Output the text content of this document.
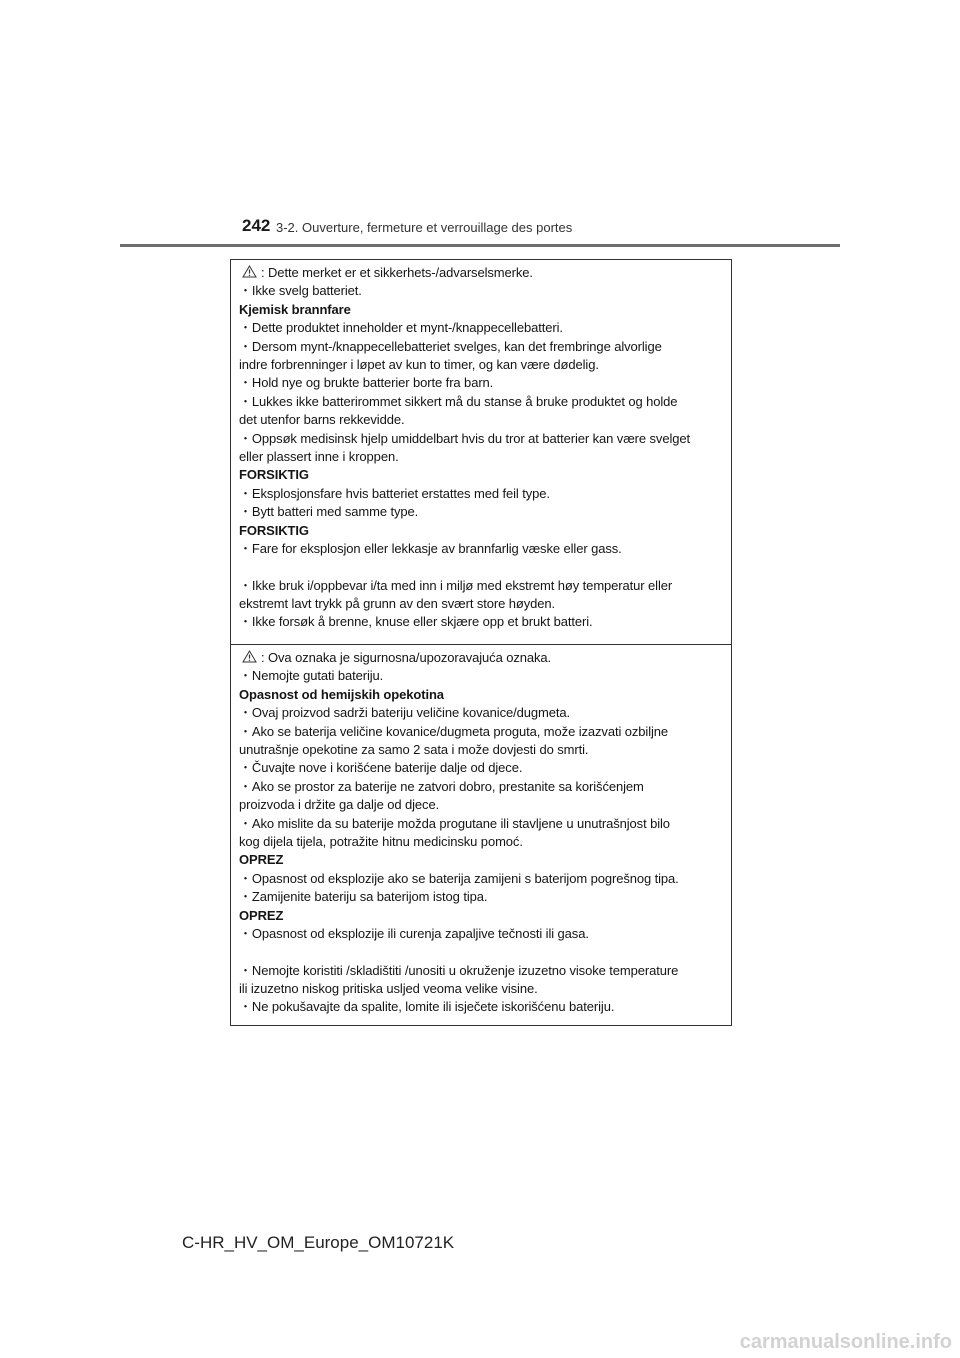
242 3-2. Ouverture, fermeture et verrouillage des portes
: Dette merket er et sikkerhets-/advarselsmerke.
・Ikke svelg batteriet.
Kjemisk brannfare
・Dette produktet inneholder et mynt-/knappecellebatteri.
・Dersom mynt-/knappecellebatteriet svelges, kan det frembringe alvorlige
indre forbrenninger i løpet av kun to timer, og kan være dødelig.
・Hold nye og brukte batterier borte fra barn.
・Lukkes ikke batterirommet sikkert må du stanse å bruke produktet og holde
det utenfor barns rekkevidde.
・Oppsøk medisinsk hjelp umiddelbart hvis du tror at batterier kan være svelget
eller plassert inne i kroppen.
FORSIKTIG
・Eksplosjonsfare hvis batteriet erstattes med feil type.
・Bytt batteri med samme type.
FORSIKTIG
・Fare for eksplosjon eller lekkasje av brannfarlig væske eller gass.
・Ikke bruk i/oppbevar i/ta med inn i miljø med ekstremt høy temperatur eller
ekstremt lavt trykk på grunn av den svært store høyden.
・Ikke forsøk å brenne, knuse eller skjære opp et brukt batteri.
: Ova oznaka je sigurnosna/upozoravajuća oznaka.
・Nemojte gutati bateriju.
Opasnost od hemijskih opekotina
・Ovaj proizvod sadrži bateriju veličine kovanice/dugmeta.
・Ako se baterija veličine kovanice/dugmeta proguta, može izazvati ozbiljne
unutrašnje opekotine za samo 2 sata i može dovjesti do smrti.
・Čuvajte nove i korišćene baterije dalje od djece.
・Ako se prostor za baterije ne zatvori dobro, prestanite sa korišćenjem
proizvoda i držite ga dalje od djece.
・Ako mislite da su baterije možda progutane ili stavljene u unutrašnjost bilo
kog dijela tijela, potražite hitnu medicinsku pomoć.
OPREZ
・Opasnost od eksplozije ako se baterija zamijeni s baterijom pogrešnog tipa.
・Zamijenite bateriju sa baterijom istog tipa.
OPREZ
・Opasnost od eksplozije ili curenja zapaljive tečnosti ili gasa.
・Nemojte koristiti /skladištiti /unositi u okruženje izuzetno visoke temperature
ili izuzetno niskog pritiska usljed veoma velike visine.
・Ne pokušavajte da spalite, lomite ili isječete iskorišćenu bateriju.
C-HR_HV_OM_Europe_OM10721K
carmanualsonline.info
